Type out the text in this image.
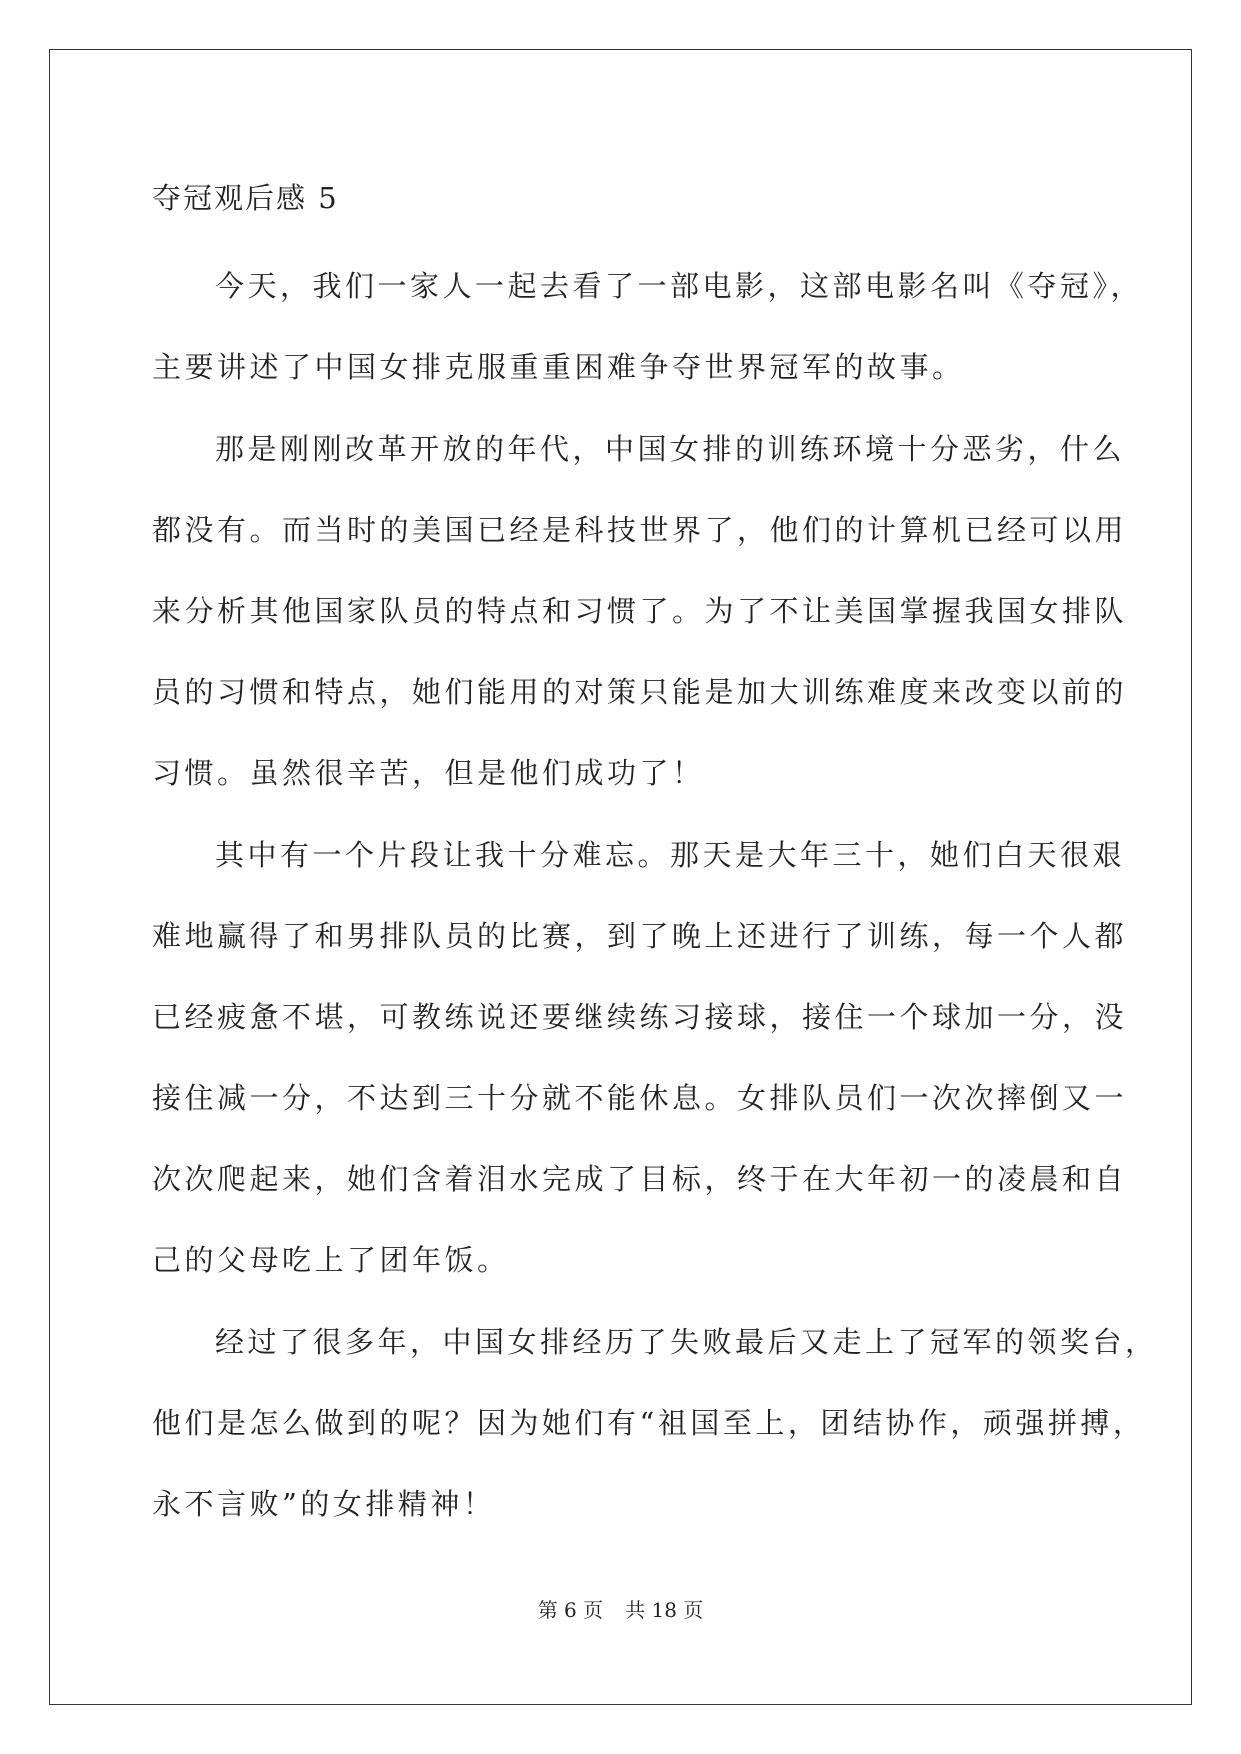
夺冠观后感 5
今天，我们一家人一起去看了一部电影，这部电影名叫《夺冠》，
主要讲述了中国女排克服重重困难争夺世界冠军的故事。
那是刚刚改革开放的年代，中国女排的训练环境十分恶劣，什么
都没有。而当时的美国已经是科技世界了，他们的计算机已经可以用
来分析其他国家队员的特点和习惯了。为了不让美国掌握我国女排队
员的习惯和特点，她们能用的对策只能是加大训练难度来改变以前的
习惯。虽然很辛苦，但是他们成功了！
其中有一个片段让我十分难忘。那天是大年三十，她们白天很艰
难地赢得了和男排队员的比赛，到了晚上还进行了训练，每一个人都
已经疲惫不堪，可教练说还要继续练习接球，接住一个球加一分，没
接住减一分，不达到三十分就不能休息。女排队员们一次次摔倒又一
次次爬起来，她们含着泪水完成了目标，终于在大年初一的凌晨和自
己的父母吃上了团年饭。
经过了很多年，中国女排经历了失败最后又走上了冠军的领奖台，
他们是怎么做到的呢？因为她们有“祖国至上，团结协作，顽强拼搏，
永不言败”的女排精神！
第 6 页 共 18 页
